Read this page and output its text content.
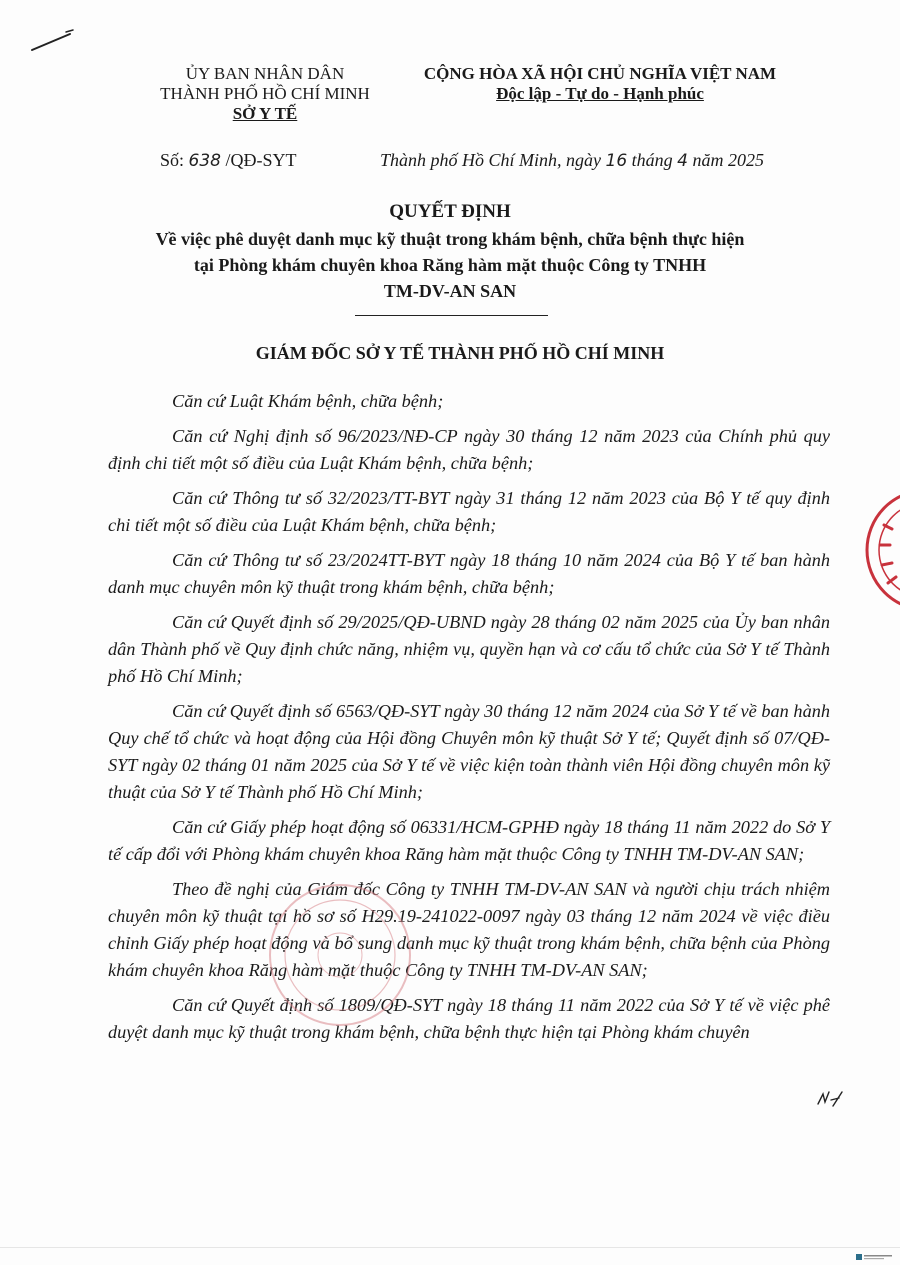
ỦY BAN NHÂN DÂN
THÀNH PHỐ HỒ CHÍ MINH
SỞ Y TẾ
CỘNG HÒA XÃ HỘI CHỦ NGHĨA VIỆT NAM
Độc lập - Tự do - Hạnh phúc
Số: 638 /QĐ-SYT	Thành phố Hồ Chí Minh, ngày 16 tháng 4 năm 2025
QUYẾT ĐỊNH
Về việc phê duyệt danh mục kỹ thuật trong khám bệnh, chữa bệnh thực hiện
tại Phòng khám chuyên khoa Răng hàm mặt thuộc Công ty TNHH
TM-DV-AN SAN
GIÁM ĐỐC SỞ Y TẾ THÀNH PHỐ HỒ CHÍ MINH

Căn cứ Luật Khám bệnh, chữa bệnh;

Căn cứ Nghị định số 96/2023/NĐ-CP ngày 30 tháng 12 năm 2023 của Chính phủ quy định chi tiết một số điều của Luật Khám bệnh, chữa bệnh;

Căn cứ Thông tư số 32/2023/TT-BYT ngày 31 tháng 12 năm 2023 của Bộ Y tế quy định chi tiết một số điều của Luật Khám bệnh, chữa bệnh;

Căn cứ Thông tư số 23/2024TT-BYT ngày 18 tháng 10 năm 2024 của Bộ Y tế ban hành danh mục chuyên môn kỹ thuật trong khám bệnh, chữa bệnh;

Căn cứ Quyết định số 29/2025/QĐ-UBND ngày 28 tháng 02 năm 2025 của Ủy ban nhân dân Thành phố về Quy định chức năng, nhiệm vụ, quyền hạn và cơ cấu tổ chức của Sở Y tế Thành phố Hồ Chí Minh;

Căn cứ Quyết định số 6563/QĐ-SYT ngày 30 tháng 12 năm 2024 của Sở Y tế về ban hành Quy chế tổ chức và hoạt động của Hội đồng Chuyên môn kỹ thuật Sở Y tế; Quyết định số 07/QĐ-SYT ngày 02 tháng 01 năm 2025 của Sở Y tế về việc kiện toàn thành viên Hội đồng chuyên môn kỹ thuật của Sở Y tế Thành phố Hồ Chí Minh;

Căn cứ Giấy phép hoạt động số 06331/HCM-GPHĐ ngày 18 tháng 11 năm 2022 do Sở Y tế cấp đổi với Phòng khám chuyên khoa Răng hàm mặt thuộc Công ty TNHH TM-DV-AN SAN;

Theo đề nghị của Giám đốc Công ty TNHH TM-DV-AN SAN và người chịu trách nhiệm chuyên môn kỹ thuật tại hồ sơ số H29.19-241022-0097 ngày 03 tháng 12 năm 2024 về việc điều chỉnh Giấy phép hoạt động và bổ sung danh mục kỹ thuật trong khám bệnh, chữa bệnh của Phòng khám chuyên khoa Răng hàm mặt thuộc Công ty TNHH TM-DV-AN SAN;

Căn cứ Quyết định số 1809/QĐ-SYT ngày 18 tháng 11 năm 2022 của Sở Y tế về việc phê duyệt danh mục kỹ thuật trong khám bệnh, chữa bệnh thực hiện tại Phòng khám chuyên
